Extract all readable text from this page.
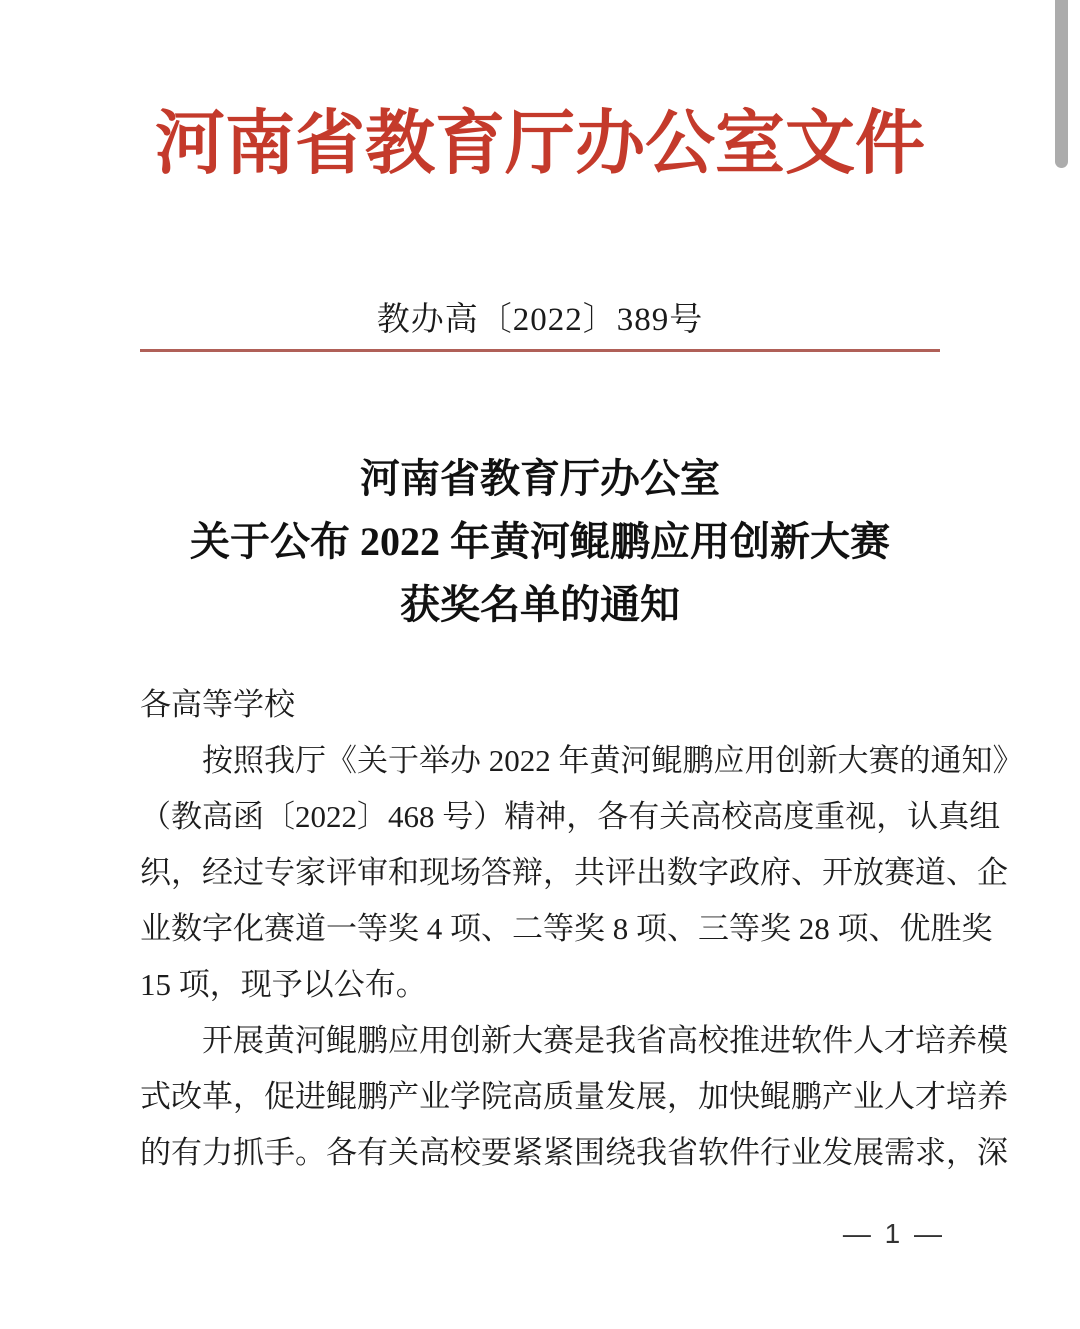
河南省教育厅办公室文件
教办高〔2022〕389号
河南省教育厅办公室
关于公布 2022 年黄河鲲鹏应用创新大赛
获奖名单的通知
各高等学校
按照我厅《关于举办 2022 年黄河鲲鹏应用创新大赛的通知》
（教高函〔2022〕468 号）精神，各有关高校高度重视，认真组
织，经过专家评审和现场答辩，共评出数字政府、开放赛道、企
业数字化赛道一等奖 4 项、二等奖 8 项、三等奖 28 项、优胜奖
15 项，现予以公布。
开展黄河鲲鹏应用创新大赛是我省高校推进软件人才培养模
式改革，促进鲲鹏产业学院高质量发展，加快鲲鹏产业人才培养
的有力抓手。各有关高校要紧紧围绕我省软件行业发展需求，深
— 1 —
